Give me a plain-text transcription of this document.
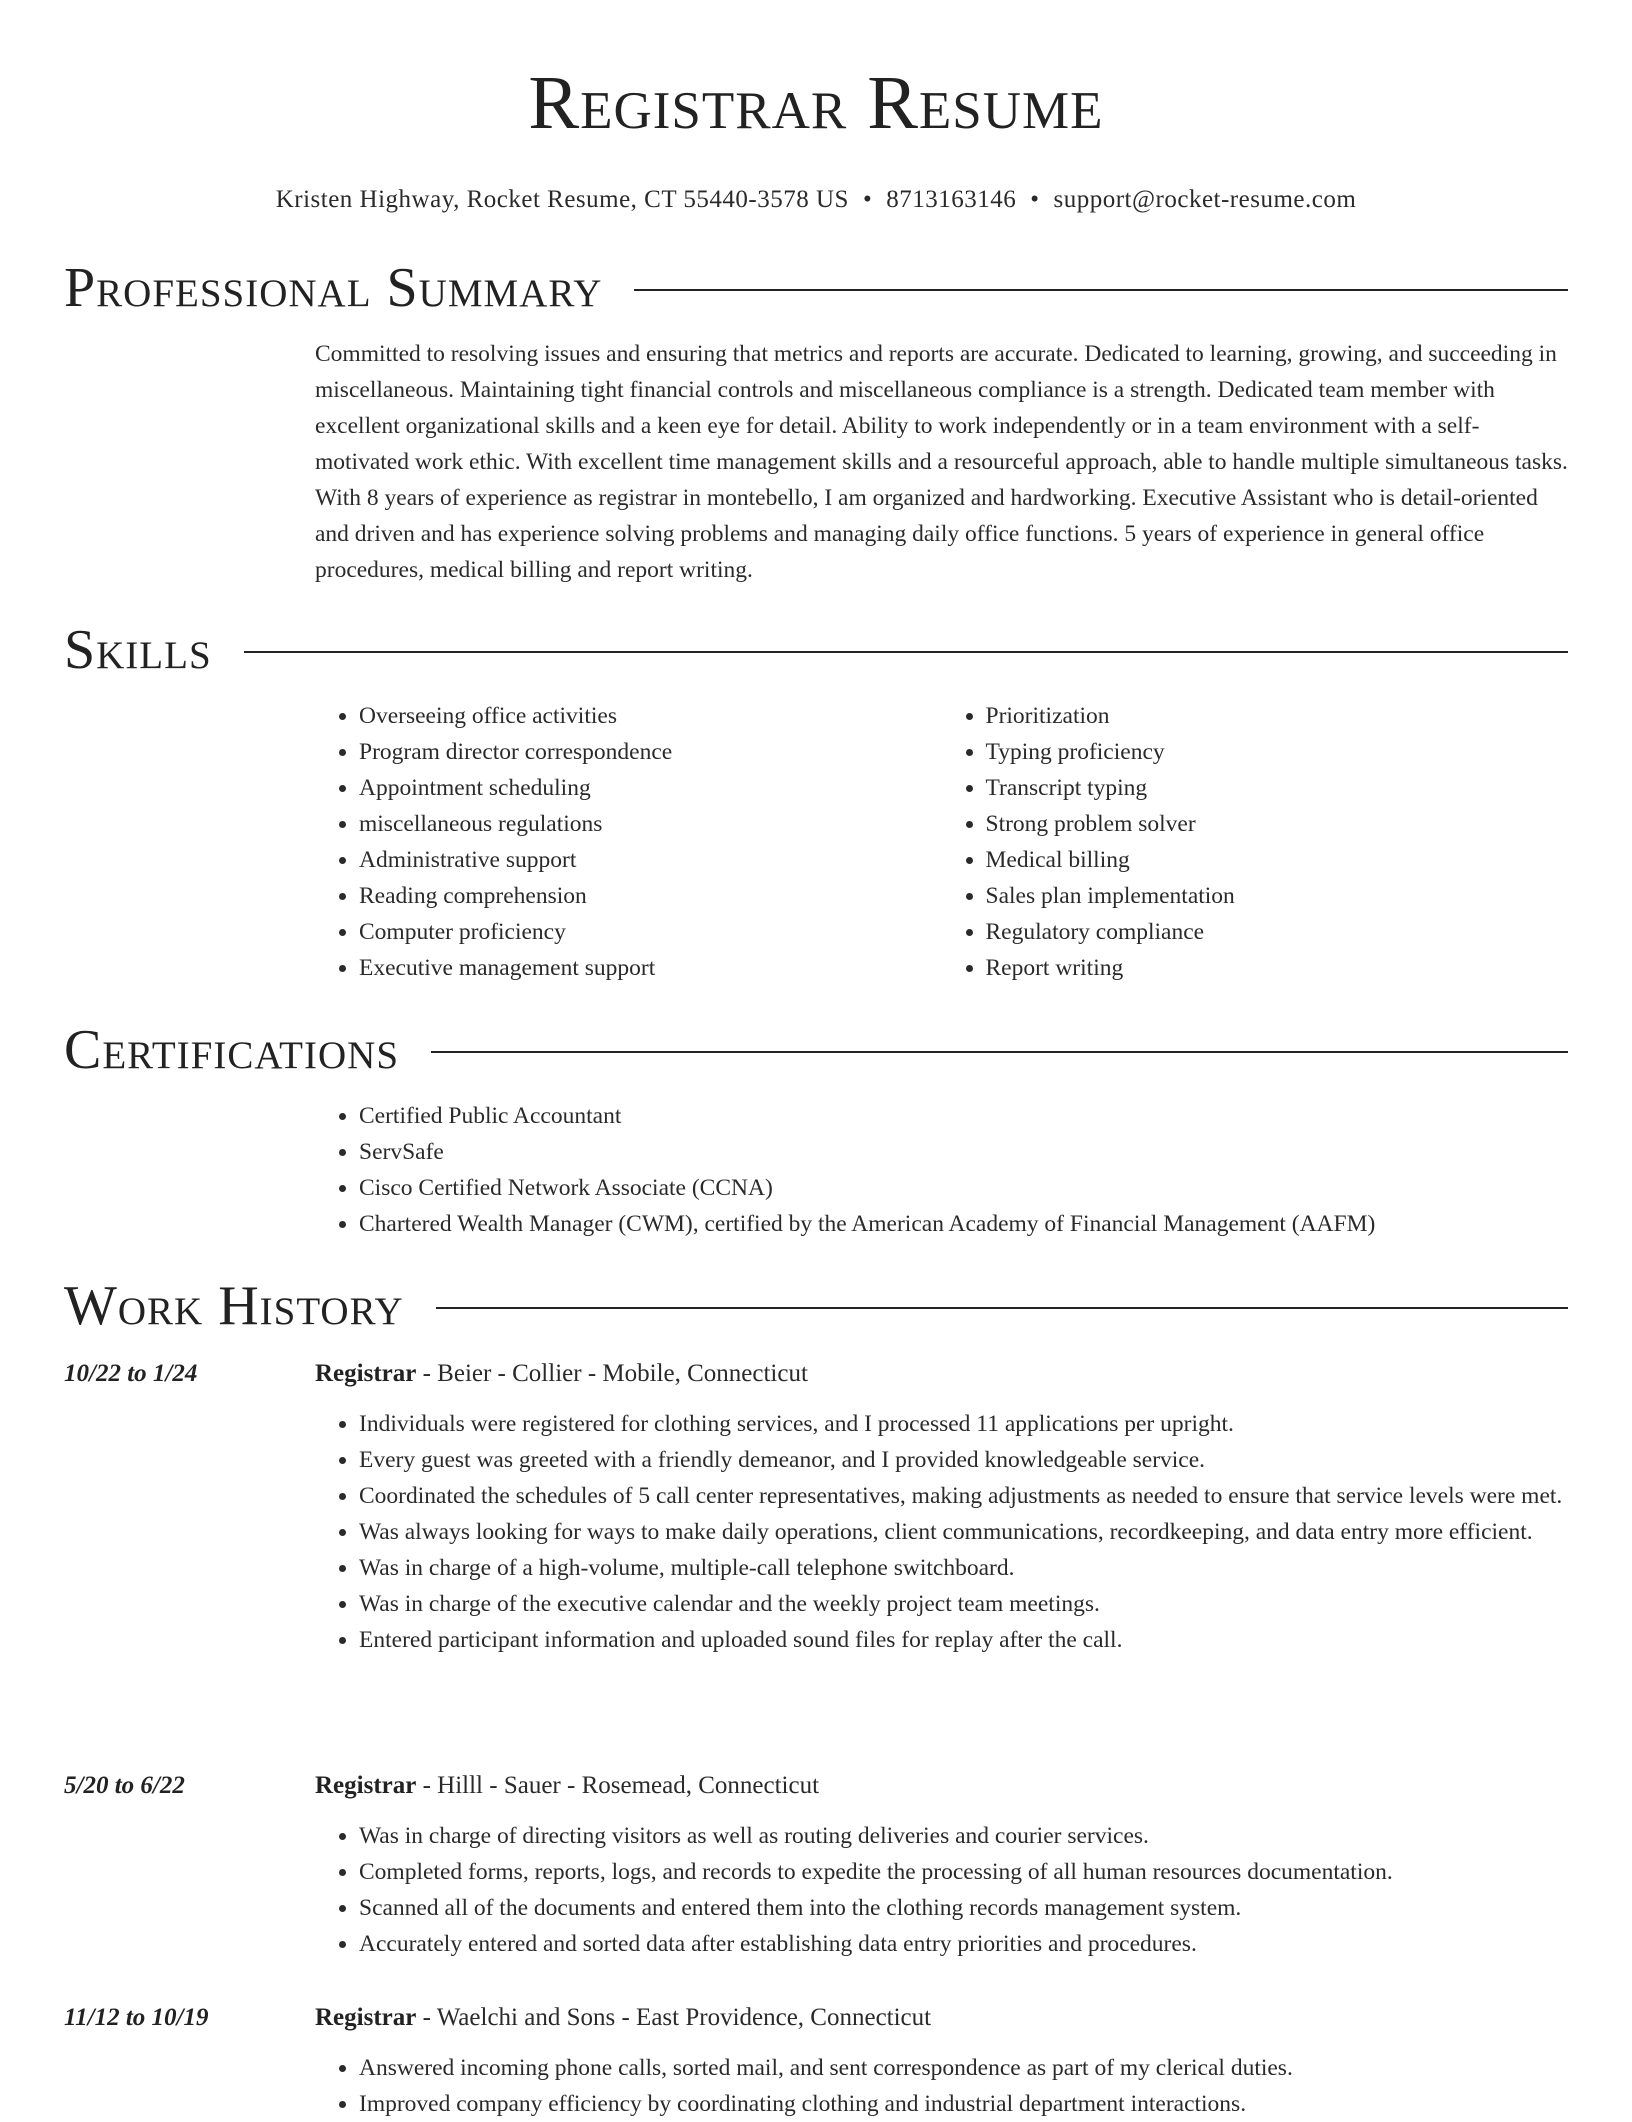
Registrar Resume
Kristen Highway, Rocket Resume, CT 55440-3578 US • 8713163146 • support@rocket-resume.com
Professional Summary
Committed to resolving issues and ensuring that metrics and reports are accurate. Dedicated to learning, growing, and succeeding in miscellaneous. Maintaining tight financial controls and miscellaneous compliance is a strength. Dedicated team member with excellent organizational skills and a keen eye for detail. Ability to work independently or in a team environment with a self-motivated work ethic. With excellent time management skills and a resourceful approach, able to handle multiple simultaneous tasks. With 8 years of experience as registrar in montebello, I am organized and hardworking. Executive Assistant who is detail-oriented and driven and has experience solving problems and managing daily office functions. 5 years of experience in general office procedures, medical billing and report writing.
Skills
• Overseeing office activities
• Program director correspondence
• Appointment scheduling
• miscellaneous regulations
• Administrative support
• Reading comprehension
• Computer proficiency
• Executive management support
• Prioritization
• Typing proficiency
• Transcript typing
• Strong problem solver
• Medical billing
• Sales plan implementation
• Regulatory compliance
• Report writing
Certifications
• Certified Public Accountant
• ServSafe
• Cisco Certified Network Associate (CCNA)
• Chartered Wealth Manager (CWM), certified by the American Academy of Financial Management (AAFM)
Work History
10/22 to 1/24	Registrar - Beier - Collier - Mobile, Connecticut
• Individuals were registered for clothing services, and I processed 11 applications per upright.
• Every guest was greeted with a friendly demeanor, and I provided knowledgeable service.
• Coordinated the schedules of 5 call center representatives, making adjustments as needed to ensure that service levels were met.
• Was always looking for ways to make daily operations, client communications, recordkeeping, and data entry more efficient.
• Was in charge of a high-volume, multiple-call telephone switchboard.
• Was in charge of the executive calendar and the weekly project team meetings.
• Entered participant information and uploaded sound files for replay after the call.
5/20 to 6/22	Registrar - Hilll - Sauer - Rosemead, Connecticut
• Was in charge of directing visitors as well as routing deliveries and courier services.
• Completed forms, reports, logs, and records to expedite the processing of all human resources documentation.
• Scanned all of the documents and entered them into the clothing records management system.
• Accurately entered and sorted data after establishing data entry priorities and procedures.
11/12 to 10/19	Registrar - Waelchi and Sons - East Providence, Connecticut
• Answered incoming phone calls, sorted mail, and sent correspondence as part of my clerical duties.
• Improved company efficiency by coordinating clothing and industrial department interactions.
